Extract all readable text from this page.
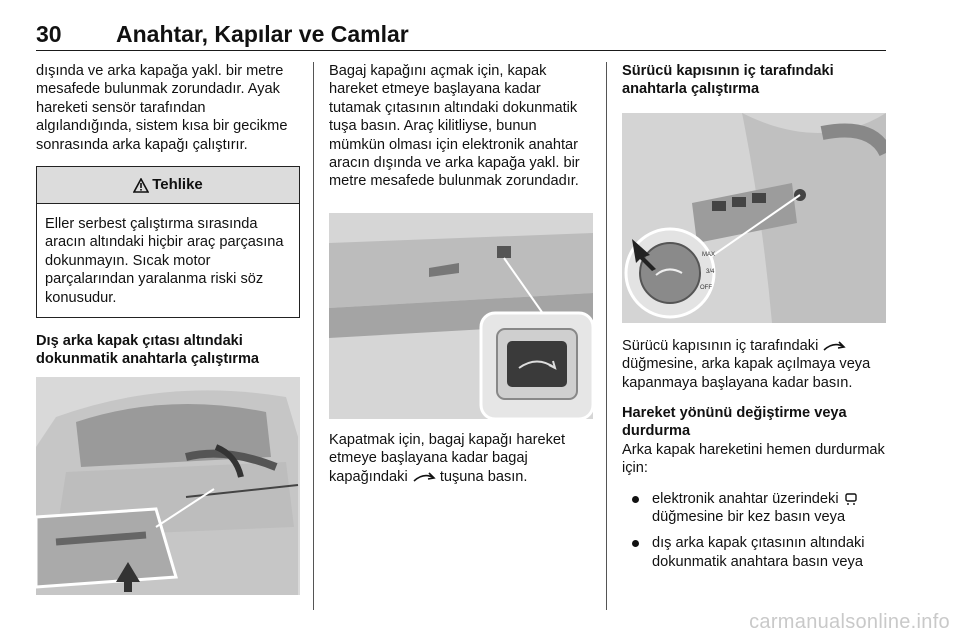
30 Anahtar, Kapılar ve Camlar

dışında ve arka kapağa yakl. bir metre mesafede bulunmak zorundadır. Ayak hareketi sensör tarafından algılandığında, sistem kısa bir gecikme sonrasında arka kapağı çalıştırır.

Tehlike
Eller serbest çalıştırma sırasında aracın altındaki hiçbir araç parçasına dokunmayın. Sıcak motor parçalarından yaralanma riski söz konusudur.

Dış arka kapak çıtası altındaki dokunmatik anahtarla çalıştırma

Bagaj kapağını açmak için, kapak hareket etmeye başlayana kadar tutamak çıtasının altındaki dokunmatik tuşa basın. Araç kilitliyse, bunun mümkün olması için elektronik anahtar aracın dışında ve arka kapağa yakl. bir metre mesafede bulunmak zorundadır.

Kapatmak için, bagaj kapağı hareket etmeye başlayana kadar bagaj kapağındaki tuşuna basın.

Sürücü kapısının iç tarafındaki anahtarla çalıştırma

MAX
3/4
OFF

Sürücü kapısının iç tarafındaki  düğmesine, arka kapak açılmaya veya kapanmaya başlayana kadar basın.

Hareket yönünü değiştirme veya durdurma

Arka kapak hareketini hemen durdurmak için:

elektronik anahtar üzerindeki  düğmesine bir kez basın veya
dış arka kapak çıtasının altındaki dokunmatik anahtara basın veya
carmanualsonline.info
